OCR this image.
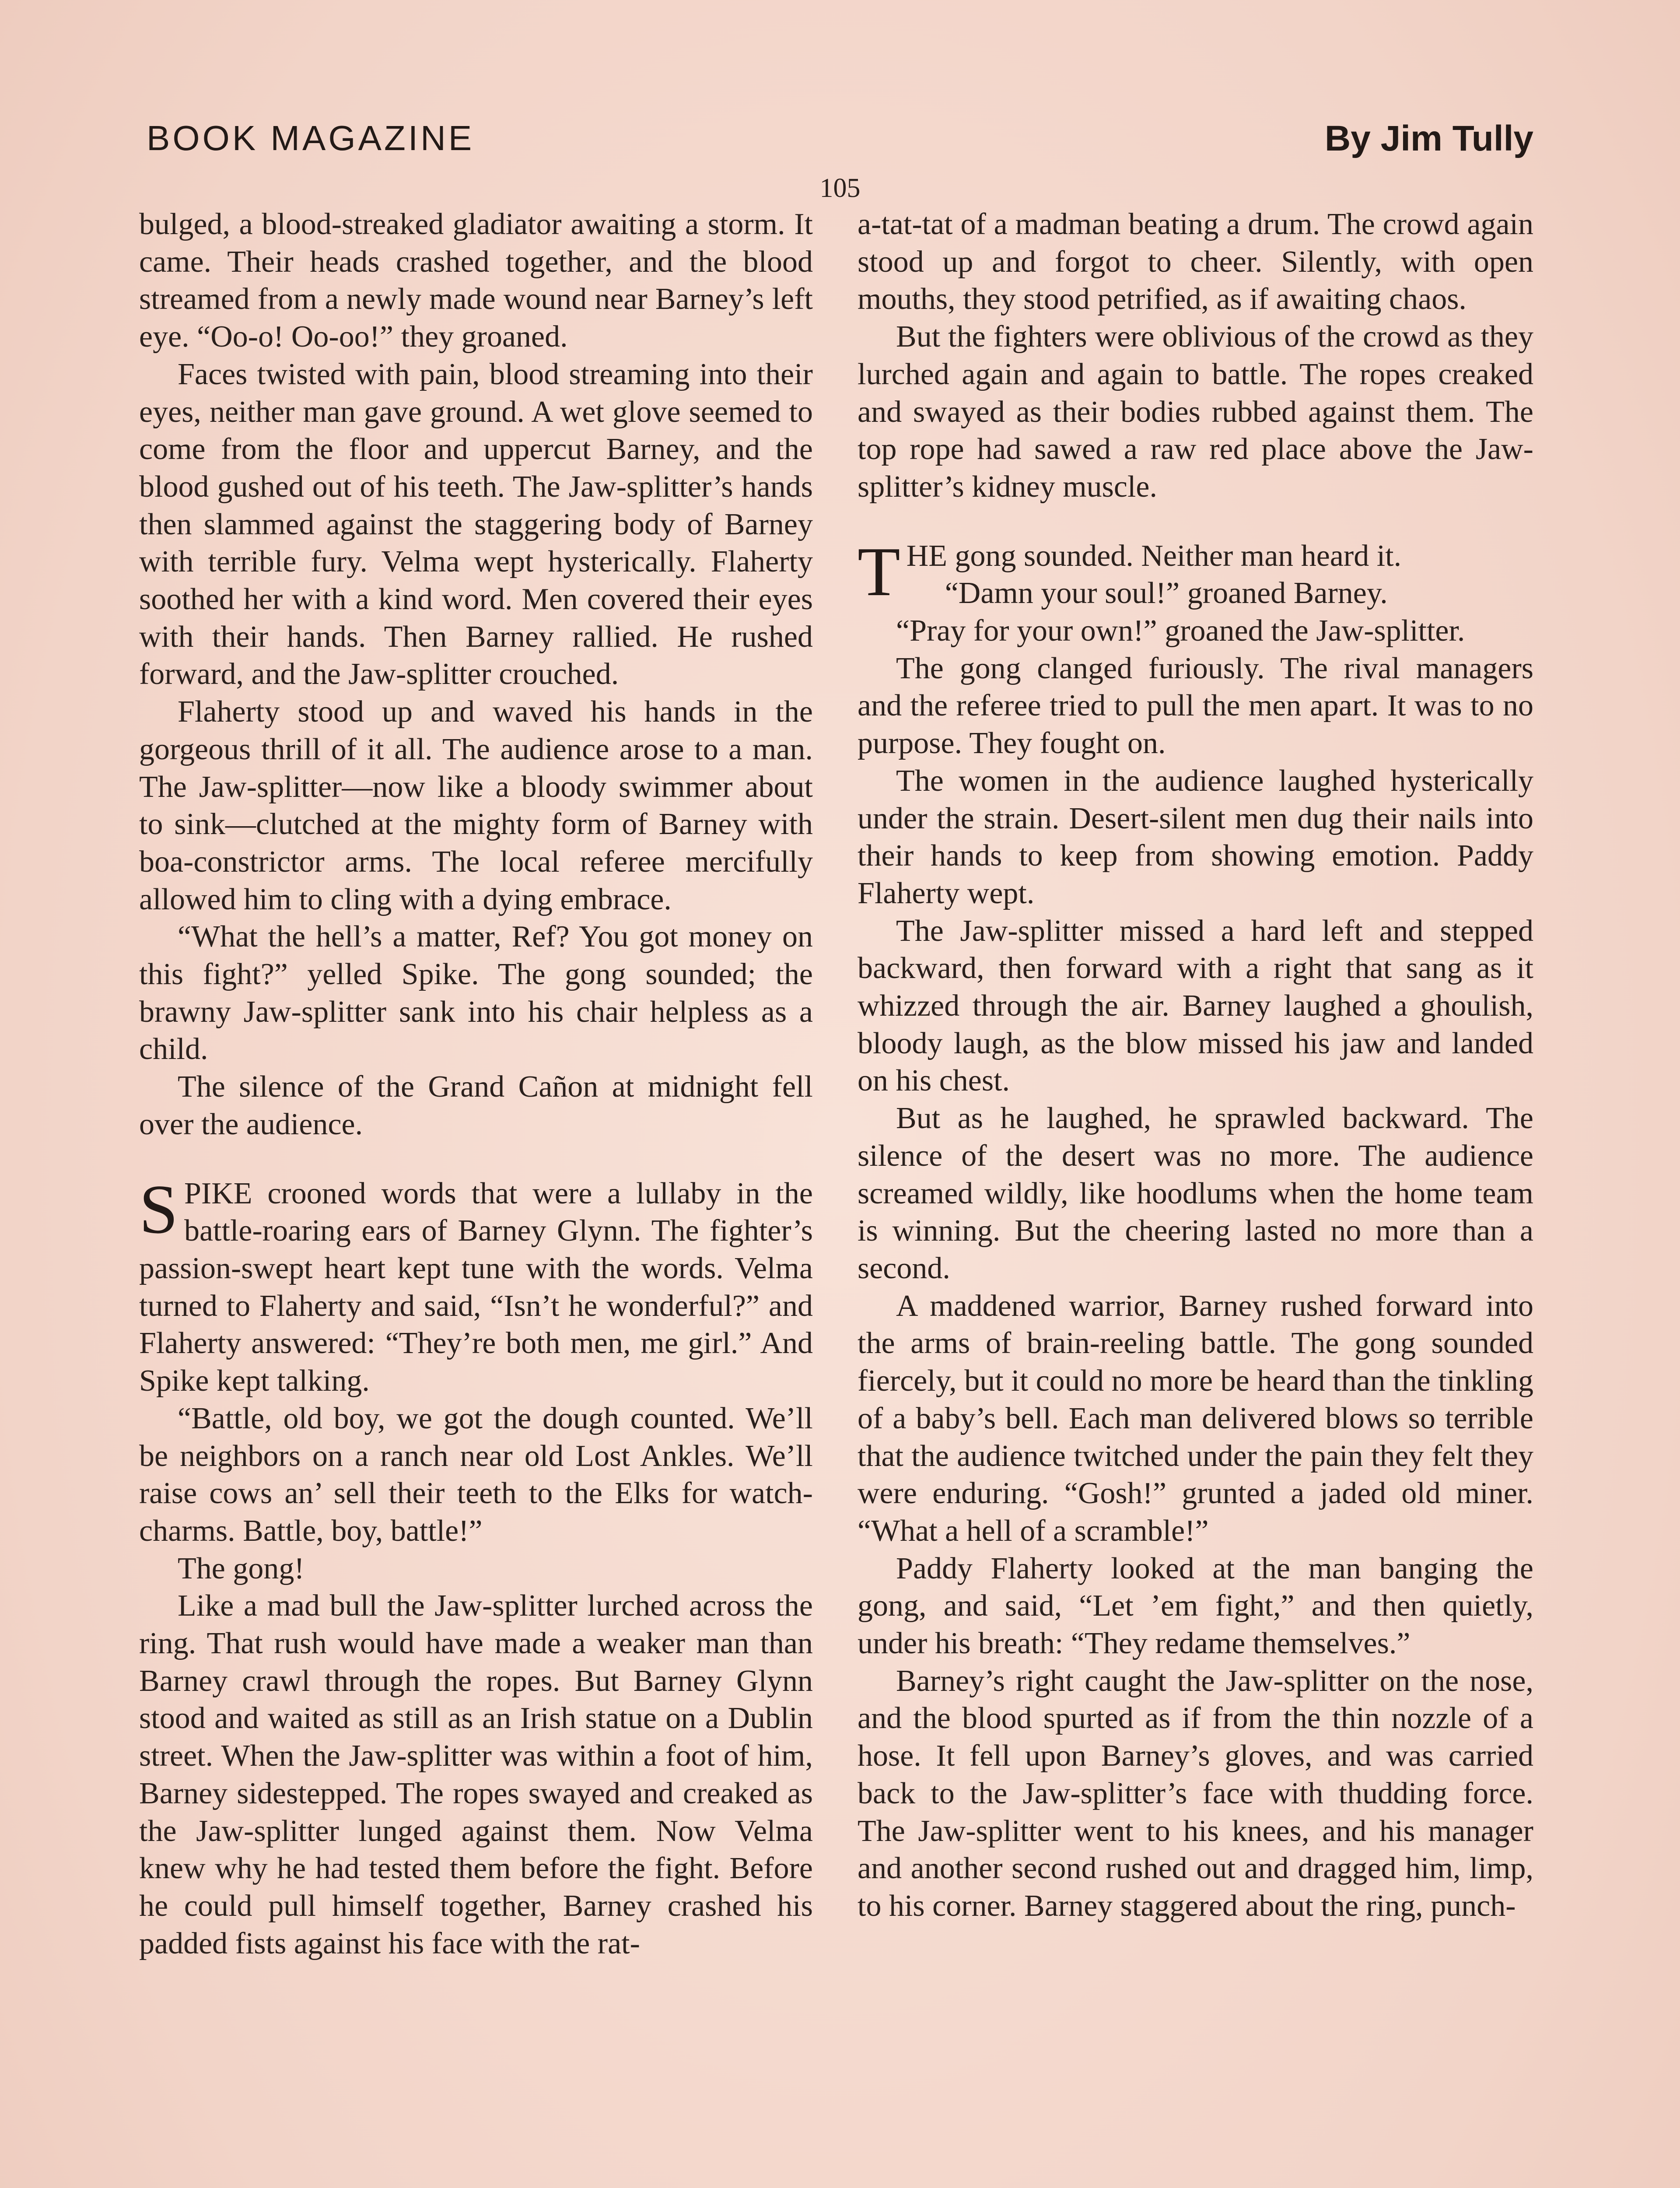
BOOK MAGAZINE	By Jim Tully
105

bulged, a blood-streaked gladiator awaiting a storm. It came. Their heads crashed together, and the blood streamed from a newly made wound near Barney’s left eye. “Oo-o! Oo-oo!” they groaned.

Faces twisted with pain, blood streaming into their eyes, neither man gave ground. A wet glove seemed to come from the floor and uppercut Barney, and the blood gushed out of his teeth. The Jaw-splitter’s hands then slammed against the staggering body of Barney with terrible fury. Velma wept hysterically. Flaherty soothed her with a kind word. Men covered their eyes with their hands. Then Barney rallied. He rushed forward, and the Jaw-splitter crouched.

Flaherty stood up and waved his hands in the gorgeous thrill of it all. The audience arose to a man. The Jaw-splitter—now like a bloody swimmer about to sink—clutched at the mighty form of Barney with boa-constrictor arms. The local referee mercifully allowed him to cling with a dying embrace.

“What the hell’s a matter, Ref? You got money on this fight?” yelled Spike. The gong sounded; the brawny Jaw-splitter sank into his chair helpless as a child.

The silence of the Grand Cañon at midnight fell over the audience.

SPIKE crooned words that were a lullaby in the battle-roaring ears of Barney Glynn. The fighter’s passion-swept heart kept tune with the words. Velma turned to Flaherty and said, “Isn’t he wonderful?” and Flaherty answered: “They’re both men, me girl.” And Spike kept talking.

“Battle, old boy, we got the dough counted. We’ll be neighbors on a ranch near old Lost Ankles. We’ll raise cows an’ sell their teeth to the Elks for watch-charms. Battle, boy, battle!”

The gong!

Like a mad bull the Jaw-splitter lurched across the ring. That rush would have made a weaker man than Barney crawl through the ropes. But Barney Glynn stood and waited as still as an Irish statue on a Dublin street. When the Jaw-splitter was within a foot of him, Barney sidestepped. The ropes swayed and creaked as the Jaw-splitter lunged against them. Now Velma knew why he had tested them before the fight. Before he could pull himself together, Barney crashed his padded fists against his face with the rat-

a-tat-tat of a madman beating a drum. The crowd again stood up and forgot to cheer. Silently, with open mouths, they stood petrified, as if awaiting chaos.

But the fighters were oblivious of the crowd as they lurched again and again to battle. The ropes creaked and swayed as their bodies rubbed against them. The top rope had sawed a raw red place above the Jaw-splitter’s kidney muscle.

THE gong sounded. Neither man heard it.

“Damn your soul!” groaned Barney.

“Pray for your own!” groaned the Jaw-splitter.

The gong clanged furiously. The rival managers and the referee tried to pull the men apart. It was to no purpose. They fought on.

The women in the audience laughed hysterically under the strain. Desert-silent men dug their nails into their hands to keep from showing emotion. Paddy Flaherty wept.

The Jaw-splitter missed a hard left and stepped backward, then forward with a right that sang as it whizzed through the air. Barney laughed a ghoulish, bloody laugh, as the blow missed his jaw and landed on his chest.

But as he laughed, he sprawled backward. The silence of the desert was no more. The audience screamed wildly, like hoodlums when the home team is winning. But the cheering lasted no more than a second.

A maddened warrior, Barney rushed forward into the arms of brain-reeling battle. The gong sounded fiercely, but it could no more be heard than the tinkling of a baby’s bell. Each man delivered blows so terrible that the audience twitched under the pain they felt they were enduring. “Gosh!” grunted a jaded old miner. “What a hell of a scramble!”

Paddy Flaherty looked at the man banging the gong, and said, “Let ’em fight,” and then quietly, under his breath: “They redame themselves.”

Barney’s right caught the Jaw-splitter on the nose, and the blood spurted as if from the thin nozzle of a hose. It fell upon Barney’s gloves, and was carried back to the Jaw-splitter’s face with thudding force. The Jaw-splitter went to his knees, and his manager and another second rushed out and dragged him, limp, to his corner. Barney staggered about the ring, punch-
